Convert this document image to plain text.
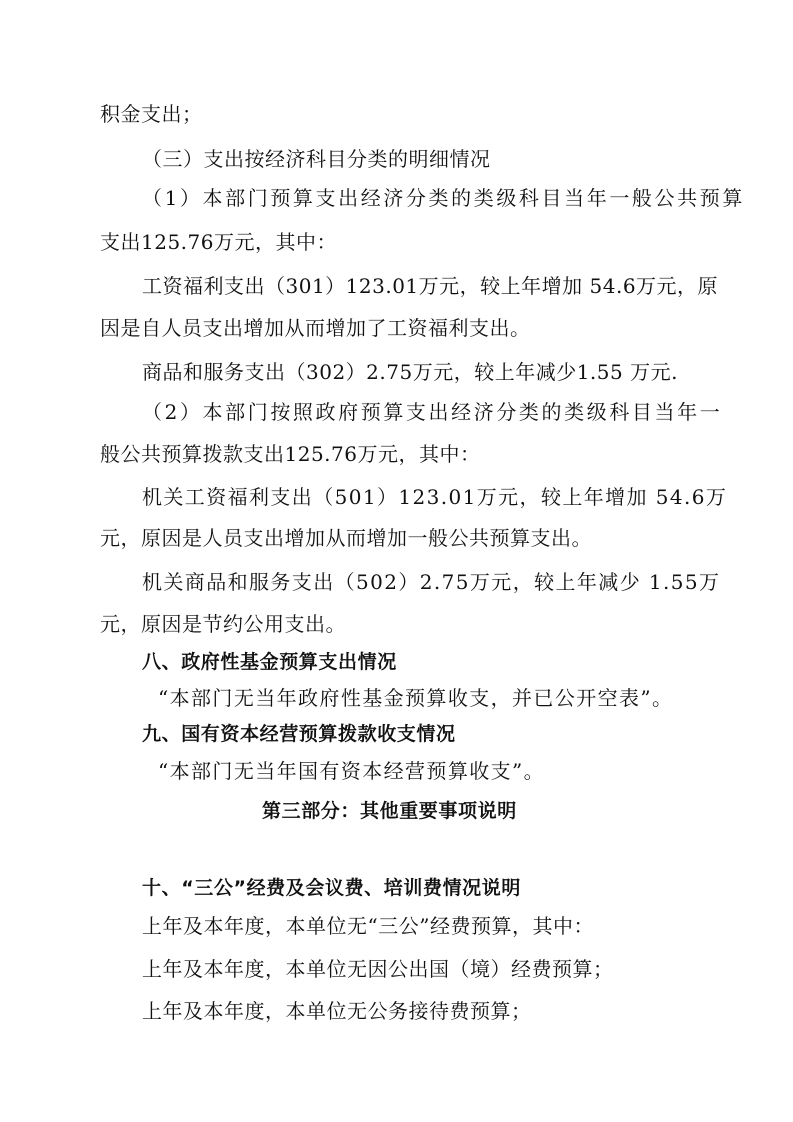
积金支出；
（三）支出按经济科目分类的明细情况
（1）本部门预算支出经济分类的类级科目当年一般公共预算
支出125.76万元，其中：
工资福利支出（301）123.01万元，较上年增加 54.6万元，原
因是自人员支出增加从而增加了工资福利支出。
商品和服务支出（302）2.75万元，较上年减少1.55 万元.
（2）本部门按照政府预算支出经济分类的类级科目当年一
般公共预算拨款支出125.76万元，其中：
机关工资福利支出（501）123.01万元，较上年增加 54.6万
元，原因是人员支出增加从而增加一般公共预算支出。
机关商品和服务支出（502）2.75万元，较上年减少 1.55万
元，原因是节约公用支出。
八、政府性基金预算支出情况
“本部门无当年政府性基金预算收支，并已公开空表”。
九、国有资本经营预算拨款收支情况
“本部门无当年国有资本经营预算收支”。
第三部分：其他重要事项说明
十、“三公”经费及会议费、培训费情况说明
上年及本年度，本单位无“三公”经费预算，其中：
上年及本年度，本单位无因公出国（境）经费预算；
上年及本年度，本单位无公务接待费预算；
